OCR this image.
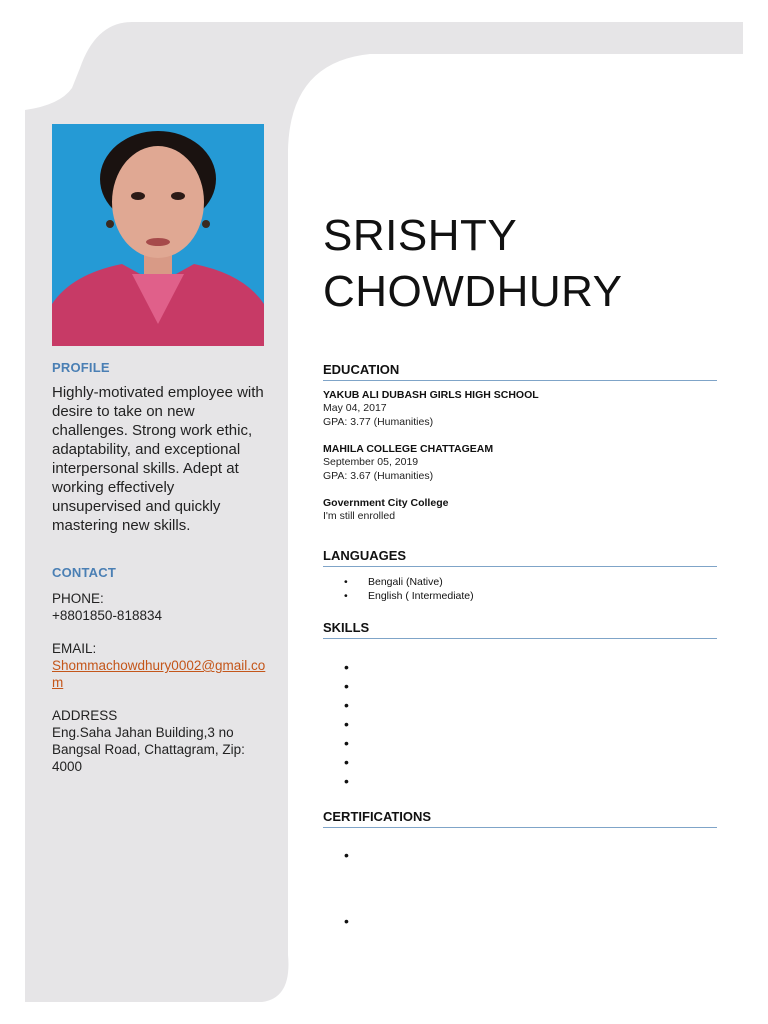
PROFILE

Highly-motivated employee with desire to take on new challenges. Strong work ethic, adaptability, and exceptional interpersonal skills. Adept at working effectively unsupervised and quickly mastering new skills.

CONTACT
PHONE:
+8801850-818834
EMAIL:
Shommachowdhury0002@gmail.com
ADDRESS
Eng.Saha Jahan Building,3 no Bangsal Road, Chattagram, Zip: 4000
SRISHTY
CHOWDHURY
EDUCATION

YAKUB ALI DUBASH GIRLS HIGH SCHOOL

May 04, 2017

GPA: 3.77 (Humanities)

MAHILA COLLEGE CHATTAGEAM

September 05, 2019

GPA: 3.67 (Humanities)

Government City College

I'm still enrolled

LANGUAGES
• Bengali (Native)
• English ( Intermediate)
SKILLS
•
•
•
•
•
•
•
CERTIFICATIONS
•
•
